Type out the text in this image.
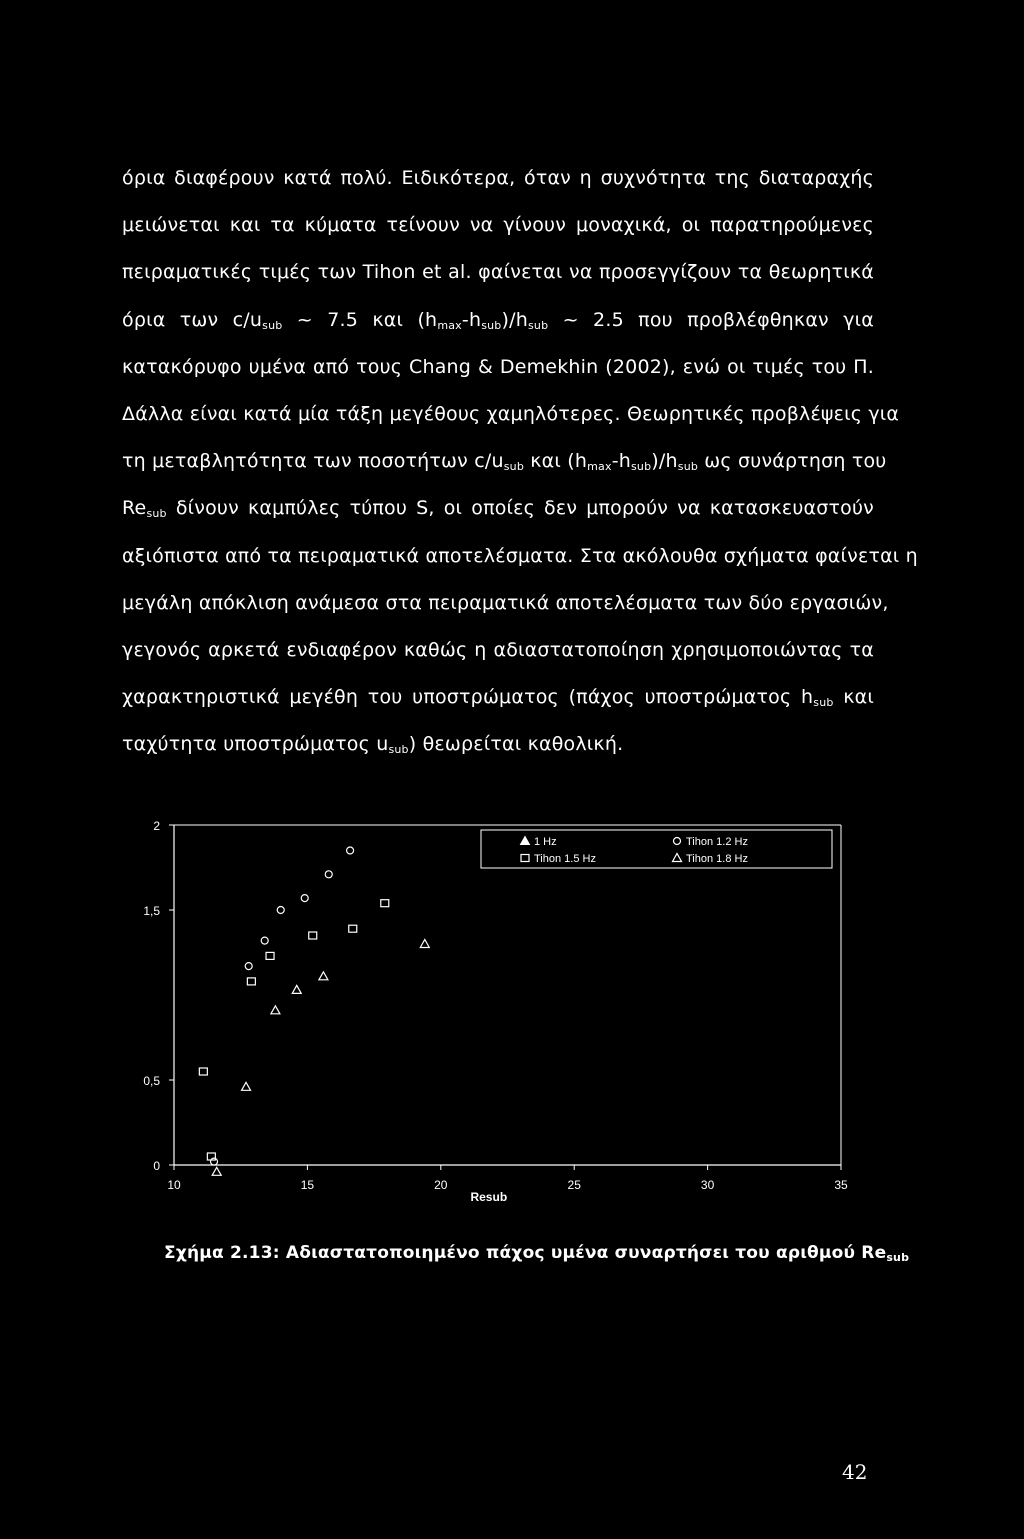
όρια διαφέρουν κατά πολύ. Ειδικότερα, όταν η συχνότητα της διαταραχής
μειώνεται και τα κύματα τείνουν να γίνουν μοναχικά, οι παρατηρούμενες
πειραματικές τιμές των Tihon et al. φαίνεται να προσεγγίζουν τα θεωρητικά
όρια των $c/u_{sub}$ ~ 7.5 και $(h_{max}-h_{sub})/h_{sub}$ ~ 2.5 που προβλέφθηκαν για
κατακόρυφο υμένα από τους Chang & Demekhin (2002), ενώ οι τιμές του Π.
Δάλλα είναι κατά μία τάξη μεγέθους χαμηλότερες. Θεωρητικές προβλέψεις για
τη μεταβλητότητα των ποσοτήτων $c/u_{sub}$ και $(h_{max}-h_{sub})/h_{sub}$ ως συνάρτηση του
$Re_{sub}$ δίνουν καμπύλες τύπου S, οι οποίες δεν μπορούν να κατασκευαστούν
αξιόπιστα από τα πειραματικά αποτελέσματα. Στα ακόλουθα σχήματα φαίνεται η
μεγάλη απόκλιση ανάμεσα στα πειραματικά αποτελέσματα των δύο εργασιών,
γεγονός αρκετά ενδιαφέρον καθώς η αδιαστατοποίηση χρησιμοποιώντας τα
χαρακτηριστικά μεγέθη του υποστρώματος (πάχος υποστρώματος $h_{sub}$ και
ταχύτητα υποστρώματος $u_{sub}$) θεωρείται καθολική.
10	15	20	25	30	35
0
0,5
1,5
2
Resub
1 Hz	Tihon 1.2 Hz
Tihon 1.5 Hz	Tihon 1.8 Hz
Σχήμα 2.13: Αδιαστατοποιημένο πάχος υμένα συναρτήσει του αριθμού $Re_{sub}$
42
